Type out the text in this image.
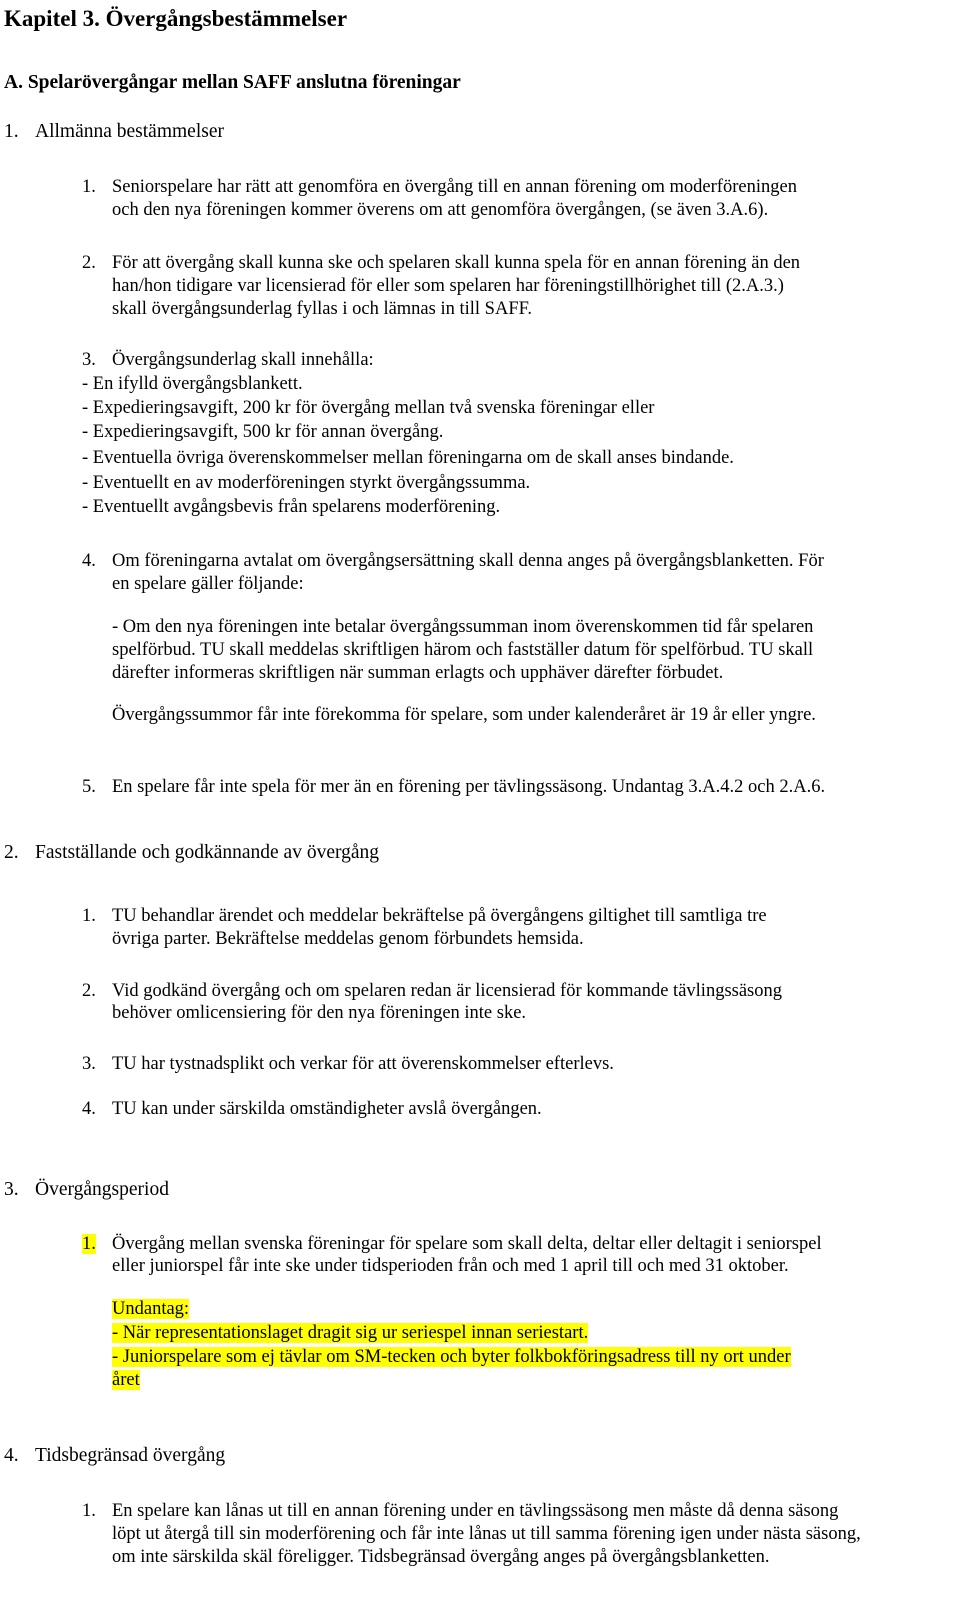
Kapitel 3. Övergångsbestämmelser
A. Spelarövergångar mellan SAFF anslutna föreningar
1. Allmänna bestämmelser
1. Seniorspelare har rätt att genomföra en övergång till en annan förening om moderföreningen
och den nya föreningen kommer överens om att genomföra övergången, (se även 3.A.6).
2. För att övergång skall kunna ske och spelaren skall kunna spela för en annan förening än den
han/hon tidigare var licensierad för eller som spelaren har föreningstillhörighet till (2.A.3.)
skall övergångsunderlag fyllas i och lämnas in till SAFF.
3. Övergångsunderlag skall innehålla:
- En ifylld övergångsblankett.
- Expedieringsavgift, 200 kr för övergång mellan två svenska föreningar eller
- Expedieringsavgift, 500 kr för annan övergång.
- Eventuella övriga överenskommelser mellan föreningarna om de skall anses bindande.
- Eventuellt en av moderföreningen styrkt övergångssumma.
- Eventuellt avgångsbevis från spelarens moderförening.
4. Om föreningarna avtalat om övergångsersättning skall denna anges på övergångsblanketten. För
en spelare gäller följande:
- Om den nya föreningen inte betalar övergångssumman inom överenskommen tid får spelaren
spelförbud. TU skall meddelas skriftligen härom och fastställer datum för spelförbud. TU skall
därefter informeras skriftligen när summan erlagts och upphäver därefter förbudet.
Övergångssummor får inte förekomma för spelare, som under kalenderåret är 19 år eller yngre.
5. En spelare får inte spela för mer än en förening per tävlingssäsong. Undantag 3.A.4.2 och 2.A.6.
2. Fastställande och godkännande av övergång
1. TU behandlar ärendet och meddelar bekräftelse på övergångens giltighet till samtliga tre
övriga parter. Bekräftelse meddelas genom förbundets hemsida.
2. Vid godkänd övergång och om spelaren redan är licensierad för kommande tävlingssäsong
behöver omlicensiering för den nya föreningen inte ske.
3. TU har tystnadsplikt och verkar för att överenskommelser efterlevs.
4. TU kan under särskilda omständigheter avslå övergången.
3. Övergångsperiod
1. Övergång mellan svenska föreningar för spelare som skall delta, deltar eller deltagit i seniorspel
eller juniorspel får inte ske under tidsperioden från och med 1 april till och med 31 oktober.
Undantag:
- När representationslaget dragit sig ur seriespel innan seriestart.
- Juniorspelare som ej tävlar om SM-tecken och byter folkbokföringsadress till ny ort under
året
4. Tidsbegränsad övergång
1. En spelare kan lånas ut till en annan förening under en tävlingssäsong men måste då denna säsong
löpt ut återgå till sin moderförening och får inte lånas ut till samma förening igen under nästa säsong,
om inte särskilda skäl föreligger. Tidsbegränsad övergång anges på övergångsblanketten.
